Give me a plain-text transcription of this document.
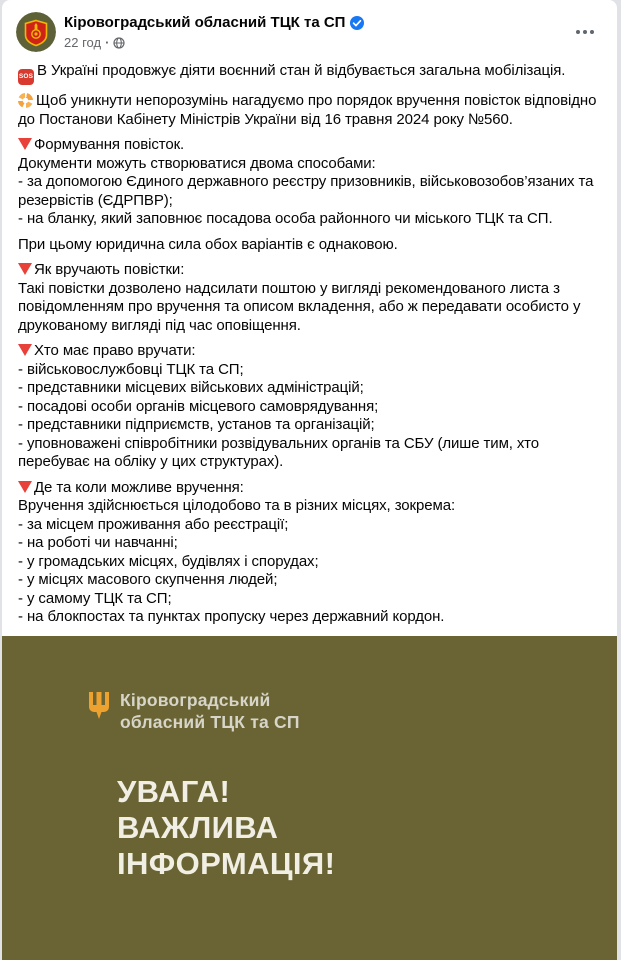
Кіровоградський обласний ТЦК та СП
22 год ·
SOS В Україні продовжує діяти воєнний стан й відбувається загальна мобілізація.
Щоб уникнути непорозумінь нагадуємо про порядок вручення повісток відповідно до Постанови Кабінету Міністрів України від 16 травня 2024 року №560.
Формування повісток.
Документи можуть створюватися двома способами:
- за допомогою Єдиного державного реєстру призовників, військовозобов’язаних та резервістів (ЄДРПВР);
- на бланку, який заповнює посадова особа районного чи міського ТЦК та СП.
При цьому юридична сила обох варіантів є однаковою.
Як вручають повістки:
Такі повістки дозволено надсилати поштою у вигляді рекомендованого листа з повідомленням про вручення та описом вкладення, або ж передавати особисто у друкованому вигляді під час оповіщення.
Хто має право вручати:
- військовослужбовці ТЦК та СП;
- представники місцевих військових адміністрацій;
- посадові особи органів місцевого самоврядування;
- представники підприємств, установ та організацій;
- уповноважені співробітники розвідувальних органів та СБУ (лише тим, хто перебуває на обліку у цих структурах).
Де та коли можливе вручення:
Вручення здійснюється цілодобово та в різних місцях, зокрема:
- за місцем проживання або реєстрації;
- на роботі чи навчанні;
- у громадських місцях, будівлях і спорудах;
- у місцях масового скупчення людей;
- у самому ТЦК та СП;
- на блокпостах та пунктах пропуску через державний кордон.
Кіровоградський
обласний ТЦК та СП
УВАГА!
ВАЖЛИВА
ІНФОРМАЦІЯ!
